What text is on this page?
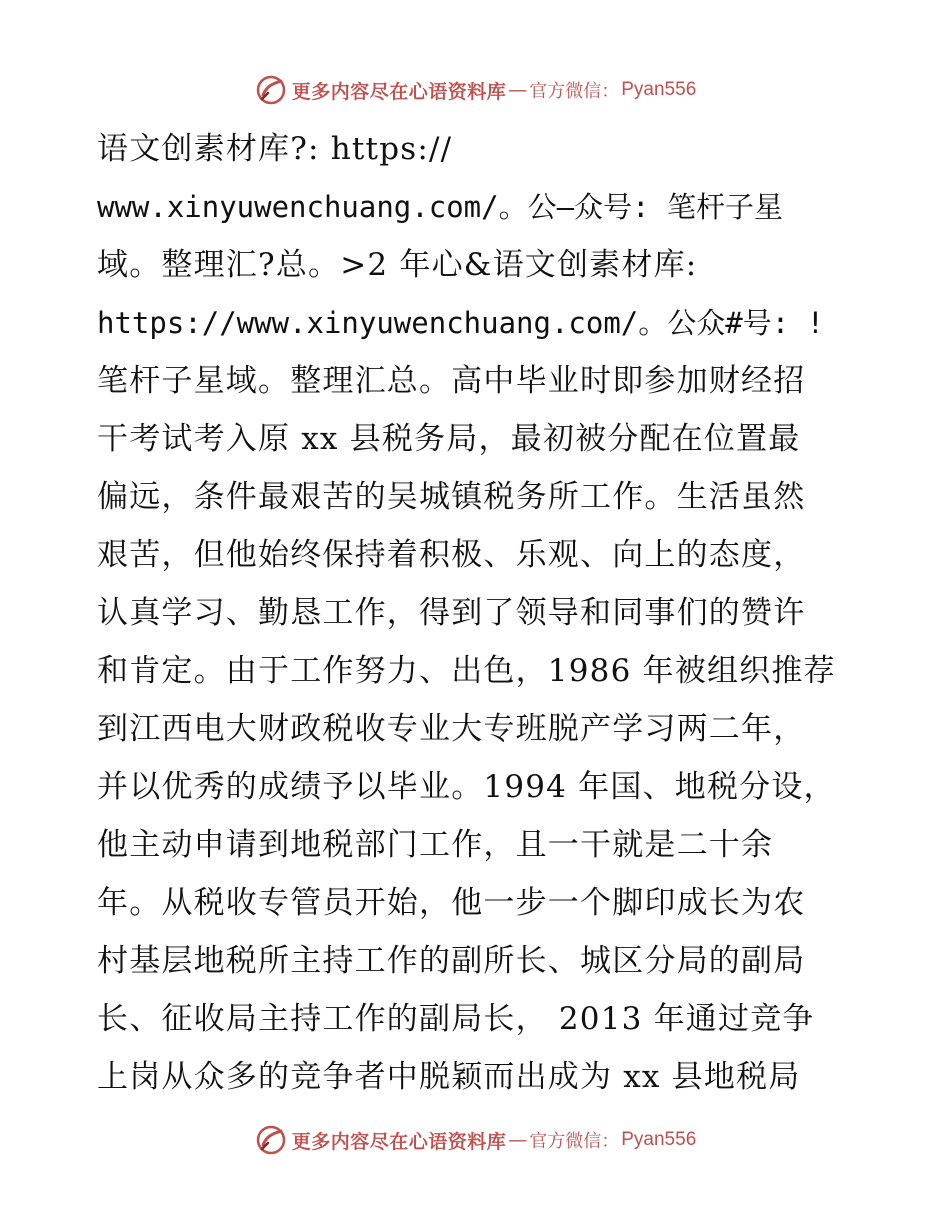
更多内容尽在心语资料库 — 官方微信： Pyan556
语文创素材库?: https://
www.xinyuwenchuang.com/。公—众号: 笔杆子星
域。整理汇?总。>2 年心&语文创素材库:
https://www.xinyuwenchuang.com/。公众#号: !
笔杆子星域。整理汇总。高中毕业时即参加财经招
干考试考入原 xx 县税务局，最初被分配在位置最
偏远，条件最艰苦的吴城镇税务所工作。生活虽然
艰苦，但他始终保持着积极、乐观、向上的态度，
认真学习、勤恳工作，得到了领导和同事们的赞许
和肯定。由于工作努力、出色，1986 年被组织推荐
到江西电大财政税收专业大专班脱产学习两二年，
并以优秀的成绩予以毕业。1994 年国、地税分设，
他主动申请到地税部门工作，且一干就是二十余
年。从税收专管员开始，他一步一个脚印成长为农
村基层地税所主持工作的副所长、城区分局的副局
长、征收局主持工作的副局长， 2013 年通过竞争
上岗从众多的竞争者中脱颖而出成为 xx 县地税局
更多内容尽在心语资料库 — 官方微信： Pyan556
